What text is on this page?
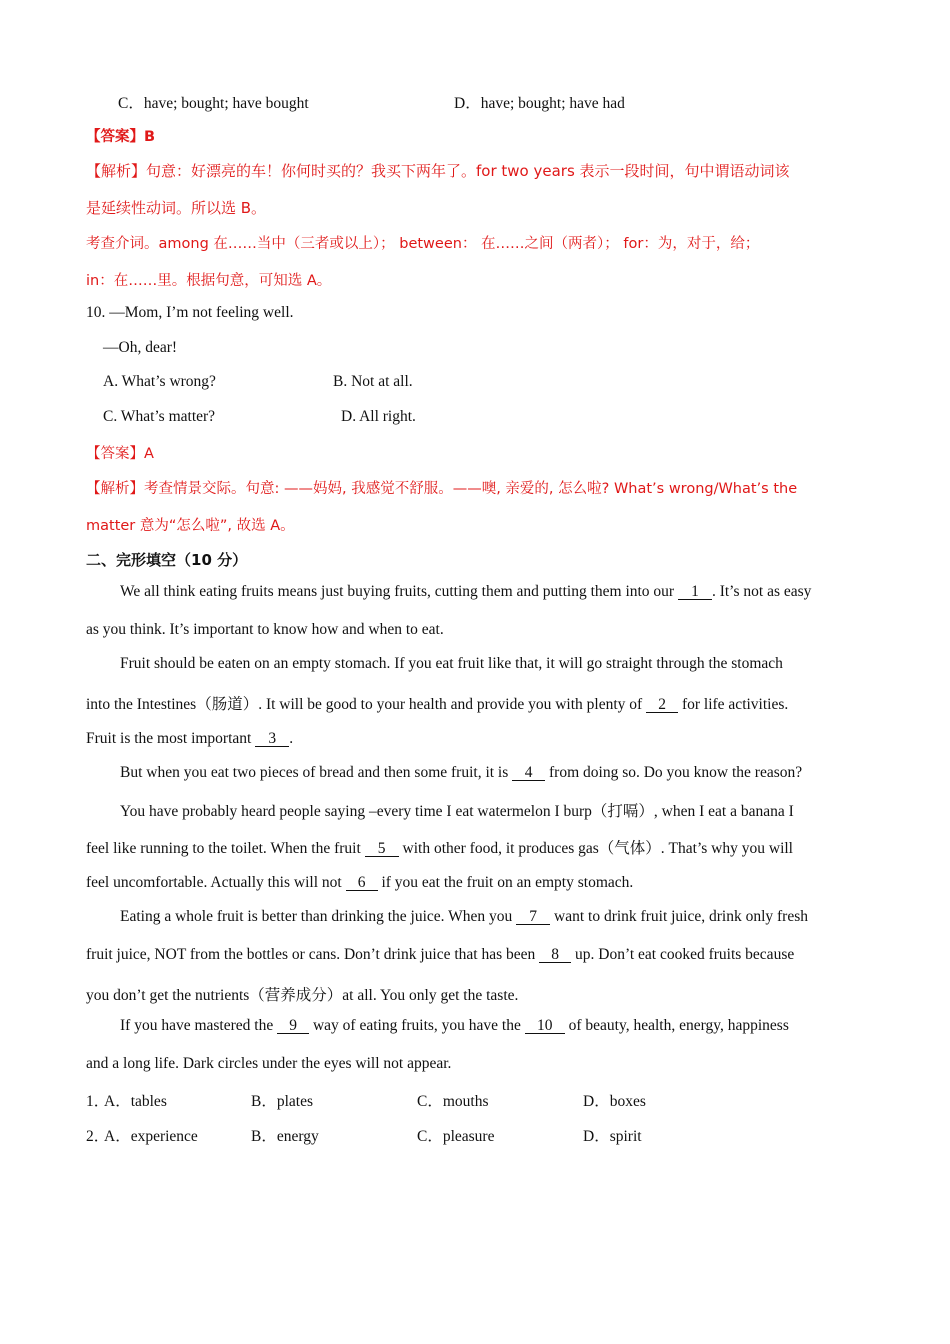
C．have; bought; have bought	D．have; bought; have had
【答案】B
【解析】句意：好漂亮的车！你何时买的？我买下两年了。for two years 表示一段时间，句中谓语动词该
是延续性动词。所以选 B。
考查介词。among 在……当中（三者或以上）； between： 在……之间（两者）； for：为，对于，给；
in：在……里。根据句意，可知选 A。
10. —Mom, I’m not feeling well.
—Oh, dear!
A. What’s wrong?	B. Not at all.
C. What’s matter?	D. All right.
【答案】A
【解析】考查情景交际。句意: ——妈妈, 我感觉不舒服。——噢, 亲爱的, 怎么啦? What’s wrong/What’s the
matter 意为“怎么啦”, 故选 A。
二、完形填空（10 分）
We all think eating fruits means just buying fruits, cutting them and putting them into our 1 . It’s not as easy
as you think. It’s important to know how and when to eat.
Fruit should be eaten on an empty stomach. If you eat fruit like that, it will go straight through the stomach
into the Intestines（肠道）. It will be good to your health and provide you with plenty of 2 for life activities.
Fruit is the most important 3 .
But when you eat two pieces of bread and then some fruit, it is 4 from doing so. Do you know the reason?
You have probably heard people saying –every time I eat watermelon I burp（打嗝）, when I eat a banana I
feel like running to the toilet. When the fruit 5 with other food, it produces gas（气体）. That’s why you will
feel uncomfortable. Actually this will not 6 if you eat the fruit on an empty stomach.
Eating a whole fruit is better than drinking the juice. When you 7 want to drink fruit juice, drink only fresh
fruit juice, NOT from the bottles or cans. Don’t drink juice that has been 8 up. Don’t eat cooked fruits because
you don’t get the nutrients（营养成分）at all. You only get the taste.
If you have mastered the 9 way of eating fruits, you have the 10 of beauty, health, energy, happiness
and a long life. Dark circles under the eyes will not appear.
1．
A．tables	B．plates	C．mouths	D．boxes
2．
A．experience	B．energy	C．pleasure	D．spirit
